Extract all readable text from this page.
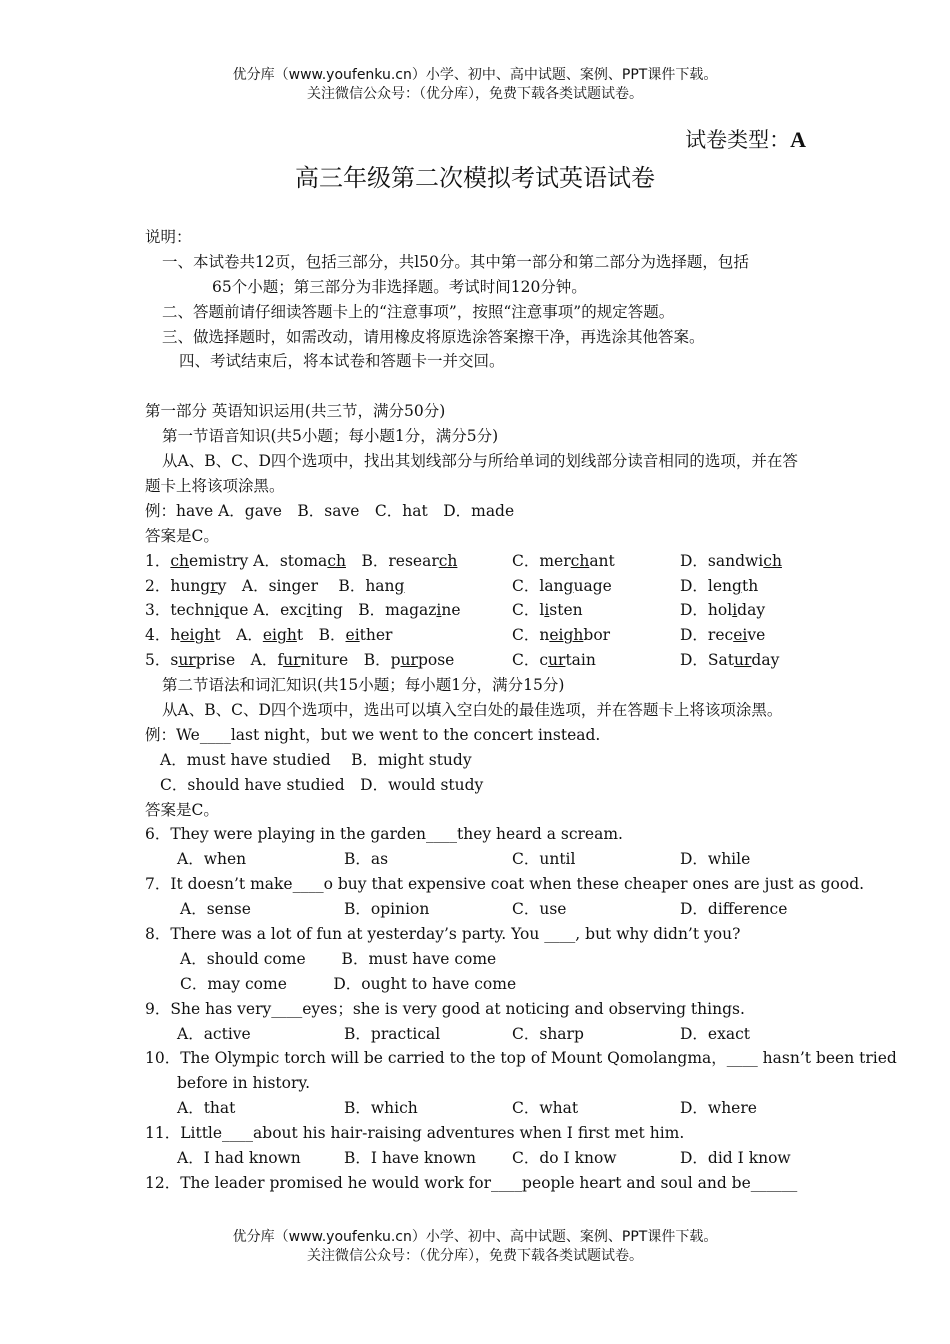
优分库（www.youfenku.cn）小学、初中、高中试题、案例、PPT课件下载。
关注微信公众号：（优分库），免费下载各类试题试卷。
试卷类型：A
高三年级第二次模拟考试英语试卷
说明：
一、本试卷共12页，包括三部分，共l50分。其中第一部分和第二部分为选择题，包括
65个小题；第三部分为非选择题。考试时间120分钟。
二、答题前请仔细读答题卡上的“注意事项”，按照“注意事项”的规定答题。
三、做选择题时，如需改动，请用橡皮将原选涂答案擦干净，再选涂其他答案。
四、考试结束后，将本试卷和答题卡一并交回。
第一部分 英语知识运用(共三节，满分50分)
第一节语音知识(共5小题；每小题1分，满分5分)
从A、B、C、D四个选项中，找出其划线部分与所给单词的划线部分读音相同的选项，并在答题卡上将该项涂黑。
例：have A．gave　B．save　C．hat　D．made
答案是C。
1．chemistry A．stomach　B．research	C．merchant	D．sandwich
2．hungry　A．singer　 B．hang	C．language	D．length
3．technique A．exciting　B．magazine	C．listen	D．holiday
4．height　A．eight　B．either	C．neighbor	D．receive
5．surprise　A．furniture　B．purpose	C．curtain	D．Saturday
第二节语法和词汇知识(共15小题；每小题1分，满分15分)
从A、B、C、D四个选项中，选出可以填入空白处的最佳选项，并在答题卡上将该项涂黑。
例：We____last night，but we went to the concert instead.
A．must have studied　 B．might study
C．should have studied　D．would study
答案是C。
6．They were playing in the garden____they heard a scream.
A．when	B．as	C．until	D．while
7．It doesn’t make____o buy that expensive coat when these cheaper ones are just as good.
A．sense	B．opinion	C．use	D．difference
8．There was a lot of fun at yesterday’s party. You ____, but why didn’t you?
A．should come　　 B．must have come
C．may come　　　D．ought to have come
9．She has very____eyes；she is very good at noticing and observing things.
A．active	B．practical	C．sharp	D．exact
10．The Olympic torch will be carried to the top of Mount Qomolangma，____ hasn’t been tried
before in history.
A．that	B．which	C．what	D．where
11．Little____about his hair-raising adventures when I first met him.
A．I had known	B．I have known C．do I know	D．did I know
12．The leader promised he would work for____people heart and soul and be______
优分库（www.youfenku.cn）小学、初中、高中试题、案例、PPT课件下载。
关注微信公众号：（优分库），免费下载各类试题试卷。
